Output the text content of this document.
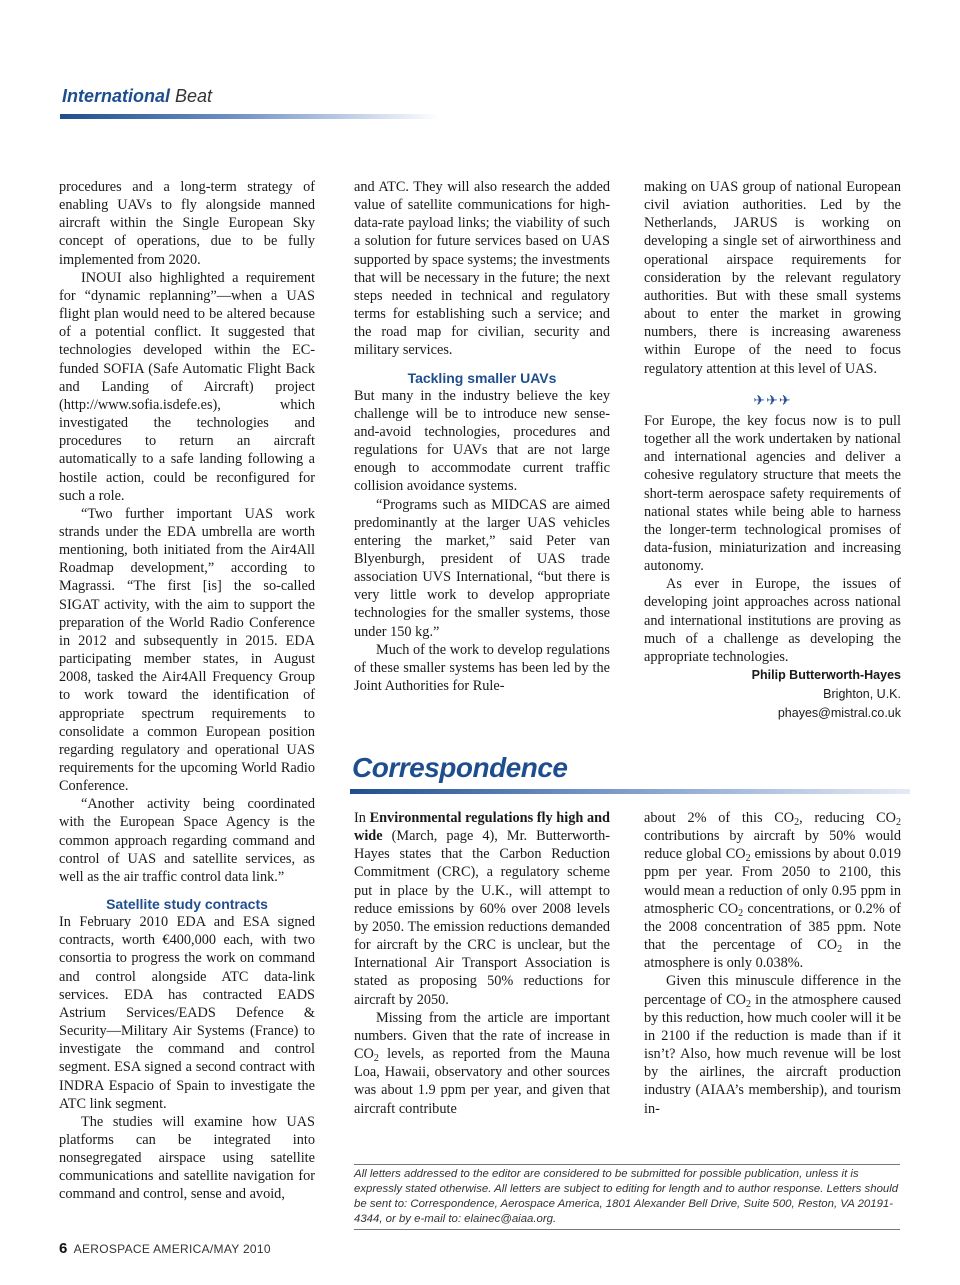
International Beat

procedures and a long-term strategy of enabling UAVs to fly alongside manned aircraft within the Single European Sky concept of operations, due to be fully implemented from 2020.

INOUI also highlighted a requirement for “dynamic replanning”—when a UAS flight plan would need to be altered because of a potential conflict. It suggested that technologies developed within the EC-funded SOFIA (Safe Automatic Flight Back and Landing of Aircraft) project (http://www.sofia.isdefe.es), which investigated the technologies and procedures to return an aircraft automatically to a safe landing following a hostile action, could be reconfigured for such a role.

“Two further important UAS work strands under the EDA umbrella are worth mentioning, both initiated from the Air4All Roadmap development,” according to Magrassi. “The first [is] the so-called SIGAT activity, with the aim to support the preparation of the World Radio Conference in 2012 and subsequently in 2015. EDA participating member states, in August 2008, tasked the Air4All Frequency Group to work toward the identification of appropriate spectrum requirements to consolidate a common European position regarding regulatory and operational UAS requirements for the upcoming World Radio Conference.

“Another activity being coordinated with the European Space Agency is the common approach regarding command and control of UAS and satellite services, as well as the air traffic control data link.”

Satellite study contracts

In February 2010 EDA and ESA signed contracts, worth €400,000 each, with two consortia to progress the work on command and control alongside ATC data-link services. EDA has contracted EADS Astrium Services/EADS Defence & Security—Military Air Systems (France) to investigate the command and control segment. ESA signed a second contract with INDRA Espacio of Spain to investigate the ATC link segment.

The studies will examine how UAS platforms can be integrated into nonsegregated airspace using satellite communications and satellite navigation for command and control, sense and avoid,

and ATC. They will also research the added value of satellite communications for high-data-rate payload links; the viability of such a solution for future services based on UAS supported by space systems; the investments that will be necessary in the future; the next steps needed in technical and regulatory terms for establishing such a service; and the road map for civilian, security and military services.

Tackling smaller UAVs

But many in the industry believe the key challenge will be to introduce new sense-and-avoid technologies, procedures and regulations for UAVs that are not large enough to accommodate current traffic collision avoidance systems.

“Programs such as MIDCAS are aimed predominantly at the larger UAS vehicles entering the market,” said Peter van Blyenburgh, president of UAS trade association UVS International, “but there is very little work to develop appropriate technologies for the smaller systems, those under 150 kg.”

Much of the work to develop regulations of these smaller systems has been led by the Joint Authorities for Rule-

making on UAS group of national European civil aviation authorities. Led by the Netherlands, JARUS is working on developing a single set of airworthiness and operational airspace requirements for consideration by the relevant regulatory authorities. But with these small systems about to enter the market in growing numbers, there is increasing awareness within Europe of the need to focus regulatory attention at this level of UAS.

✈✈✈

For Europe, the key focus now is to pull together all the work undertaken by national and international agencies and deliver a cohesive regulatory structure that meets the short-term aerospace safety requirements of national states while being able to harness the longer-term technological promises of data-fusion, miniaturization and increasing autonomy.

As ever in Europe, the issues of developing joint approaches across national and international institutions are proving as much of a challenge as developing the appropriate technologies.

Philip Butterworth-Hayes
Brighton, U.K.
phayes@mistral.co.uk
Correspondence

In Environmental regulations fly high and wide (March, page 4), Mr. Butterworth-Hayes states that the Carbon Reduction Commitment (CRC), a regulatory scheme put in place by the U.K., will attempt to reduce emissions by 60% over 2008 levels by 2050. The emission reductions demanded for aircraft by the CRC is unclear, but the International Air Transport Association is stated as proposing 50% reductions for aircraft by 2050.

Missing from the article are important numbers. Given that the rate of increase in $CO_2$ levels, as reported from the Mauna Loa, Hawaii, observatory and other sources was about 1.9 ppm per year, and given that aircraft contribute

about 2% of this $CO_2$, reducing $CO_2$ contributions by aircraft by 50% would reduce global $CO_2$ emissions by about 0.019 ppm per year. From 2050 to 2100, this would mean a reduction of only 0.95 ppm in atmospheric $CO_2$ concentrations, or 0.2% of the 2008 concentration of 385 ppm. Note that the percentage of $CO_2$ in the atmosphere is only 0.038%.

Given this minuscule difference in the percentage of $CO_2$ in the atmosphere caused by this reduction, how much cooler will it be in 2100 if the reduction is made than if it isn’t? Also, how much revenue will be lost by the airlines, the aircraft production industry (AIAA’s membership), and tourism in-

All letters addressed to the editor are considered to be submitted for possible publication, unless it is expressly stated otherwise. All letters are subject to editing for length and to author response. Letters should be sent to: Correspondence, Aerospace America, 1801 Alexander Bell Drive, Suite 500, Reston, VA 20191-4344, or by e-mail to: elainec@aiaa.org.
6 AEROSPACE AMERICA/MAY 2010
